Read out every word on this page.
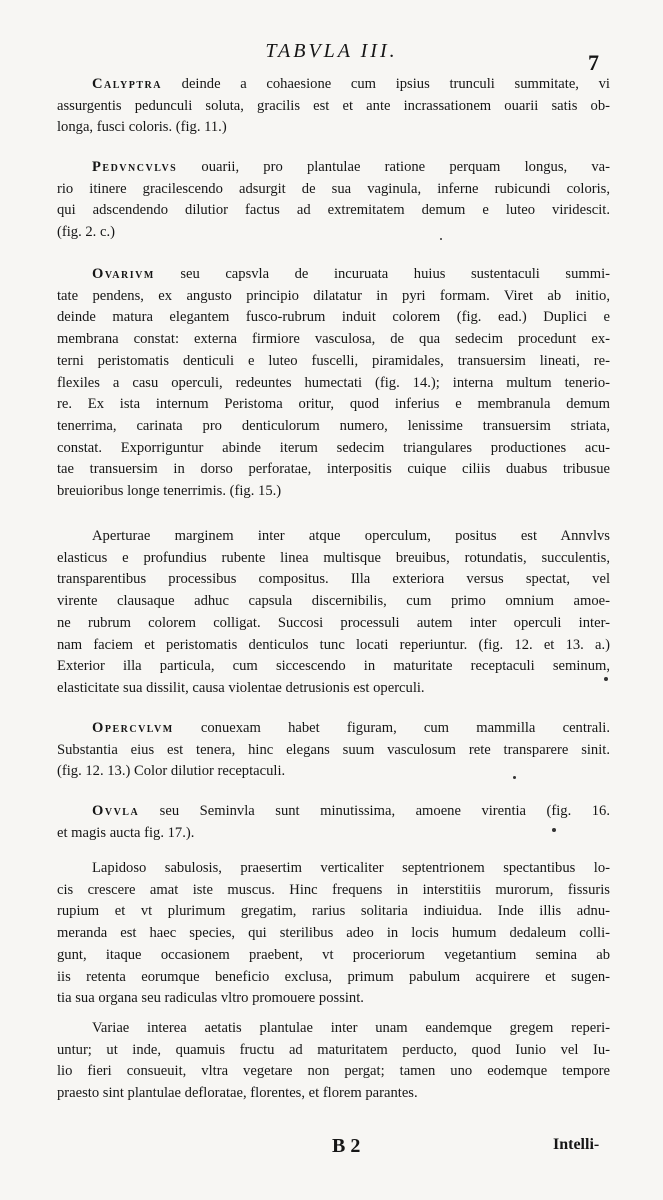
TABVLA III.	7
Calyptra deinde a cohaesione cum ipsius trunculi summitate, vi
assurgentis pedunculi soluta, gracilis est et ante incrassationem ouarii satis ob-
longa, fusci coloris. (fig. 11.)
Pedvncvlvs ouarii, pro plantulae ratione perquam longus, va-
rio itinere gracilescendo adsurgit de sua vaginula, inferne rubicundi coloris,
qui adscendendo dilutior factus ad extremitatem demum e luteo viridescit.
(fig. 2. c.)
Ovarivm seu capsvla de incuruata huius sustentaculi summi-
tate pendens, ex angusto principio dilatatur in pyri formam. Viret ab initio,
deinde matura elegantem fusco-rubrum induit colorem (fig. ead.) Duplici e
membrana constat: externa firmiore vasculosa, de qua sedecim procedunt ex-
terni peristomatis denticuli e luteo fuscelli, piramidales, transuersim lineati, re-
flexiles a casu operculi, redeuntes humectati (fig. 14.); interna multum tenerio-
re. Ex ista internum Peristoma oritur, quod inferius e membranula demum
tenerrima, carinata pro denticulorum numero, lenissime transuersim striata,
constat. Exporriguntur abinde iterum sedecim triangulares productiones acu-
tae transuersim in dorso perforatae, interpositis cuique ciliis duabus tribusue
breuioribus longe tenerrimis. (fig. 15.)
Aperturae marginem inter atque operculum, positus est Annvlvs
elasticus e profundius rubente linea multisque breuibus, rotundatis, succulentis,
transparentibus processibus compositus. Illa exteriora versus spectat, vel
virente clausaque adhuc capsula discernibilis, cum primo omnium amoe-
ne rubrum colorem colligat. Succosi processuli autem inter operculi inter-
nam faciem et peristomatis denticulos tunc locati reperiuntur. (fig. 12. et 13. a.)
Exterior illa particula, cum siccescendo in maturitate receptaculi seminum,
elasticitate sua dissilit, causa violentae detrusionis est operculi.
Opercvlvm conuexam habet figuram, cum mammilla centrali.
Substantia eius est tenera, hinc elegans suum vasculosum rete transparere sinit.
(fig. 12. 13.) Color dilutior receptaculi.
Ovvla seu Seminvla sunt minutissima, amoene virentia (fig. 16.
et magis aucta fig. 17.).
Lapidoso sabulosis, praesertim verticaliter septentrionem spectantibus lo-
cis crescere amat iste muscus. Hinc frequens in interstitiis murorum, fissuris
rupium et vt plurimum gregatim, rarius solitaria indiuidua. Inde illis adnu-
meranda est haec species, qui sterilibus adeo in locis humum dedaleum colli-
gunt, itaque occasionem praebent, vt proceriorum vegetantium semina ab
iis retenta eorumque beneficio exclusa, primum pabulum acquirere et sugen-
tia sua organa seu radiculas vltro promouere possint.
Variae interea aetatis plantulae inter unam eandemque gregem reperi-
untur; ut inde, quamuis fructu ad maturitatem perducto, quod Iunio vel Iu-
lio fieri consueuit, vltra vegetare non pergat; tamen uno eodemque tempore
praesto sint plantulae defloratae, florentes, et florem parantes.
B 2	Intelli-
